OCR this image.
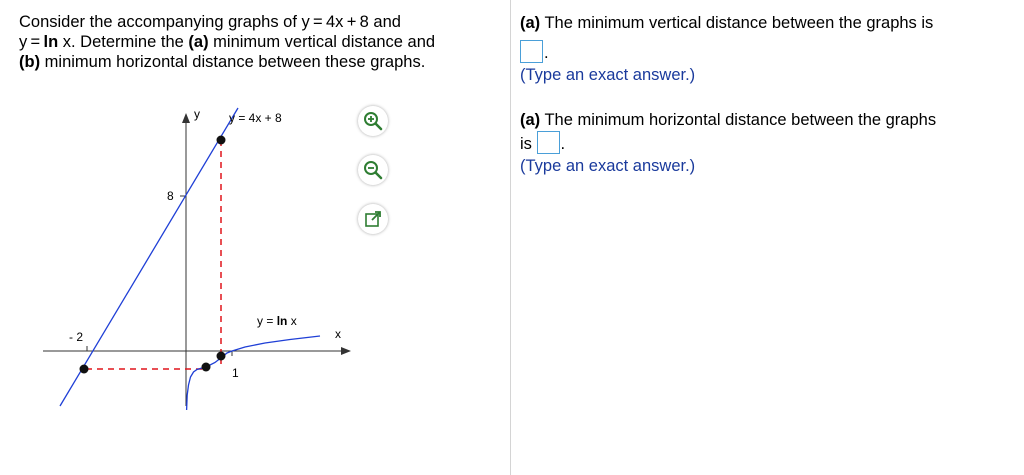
Consider the accompanying graphs of y = 4x + 8 and
y = ln x. Determine the (a) minimum vertical distance and
(b) minimum horizontal distance between these graphs.
y
x
y = 4x + 8
y = ln x
8
- 2
1
(a) The minimum vertical distance between the graphs is
.
(Type an exact answer.)
(a) The minimum horizontal distance between the graphs
is .
(Type an exact answer.)
